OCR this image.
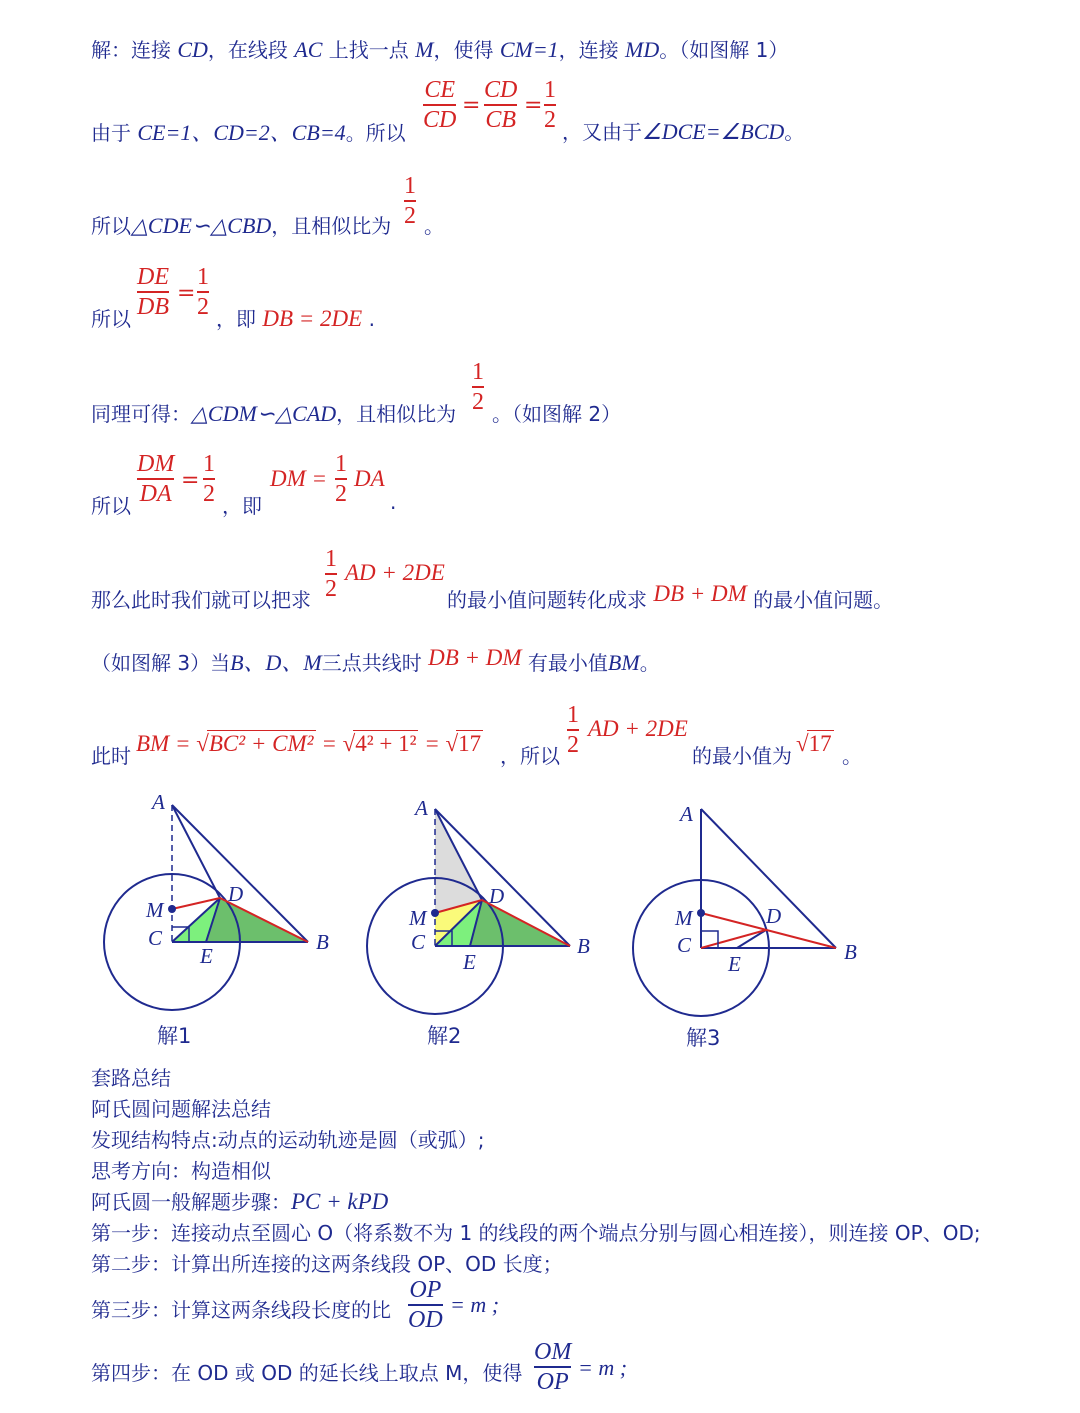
解：连接 CD，在线段 AC 上找一点 M，使得 CM=1，连接 MD。（如图解 1）
由于 CE=1、CD=2、CB=4。所以
CE
CD
=
CD
CB
=
1
2 ，又由于∠DCE=∠BCD。
所以△CDE∽△CBD，且相似比为
1
2 。
所以
DE
DB =
1
2 ，即 DB = 2DE .
同理可得：△CDM∽△CAD，且相似比为
1
2 。（如图解 2）
所以
DM
DA =
1
2 ，即
DM =
1
2
DA
.
那么此时我们就可以把求
1
2
AD + 2DE
的最小值问题转化成求 DB + DM 的最小值问题。
（如图解 3）当B、D、M三点共线时 DB + DM 有最小值BM。
此时 BM = √BC² + CM² = √4² + 1² = √17 ，所以
1
2
AD + 2DE
的最小值为 √17 。
A
M
C
D
E
B
解1
A
M
C
D
E
B
解2
A
M
C
D
E	B
解3
套路总结
阿氏圆问题解法总结
发现结构特点:动点的运动轨迹是圆（或弧）;
思考方向：构造相似
阿氏圆一般解题步骤：PC + kPD
第一步：连接动点至圆心 O（将系数不为 1 的线段的两个端点分别与圆心相连接），则连接 OP、OD;
第二步：计算出所连接的这两条线段 OP、OD 长度；
第三步：计算这两条线段长度的比
OP
OD
= m ;
第四步：在 OD 或 OD 的延长线上取点 M，使得
OM
OP
= m ;
